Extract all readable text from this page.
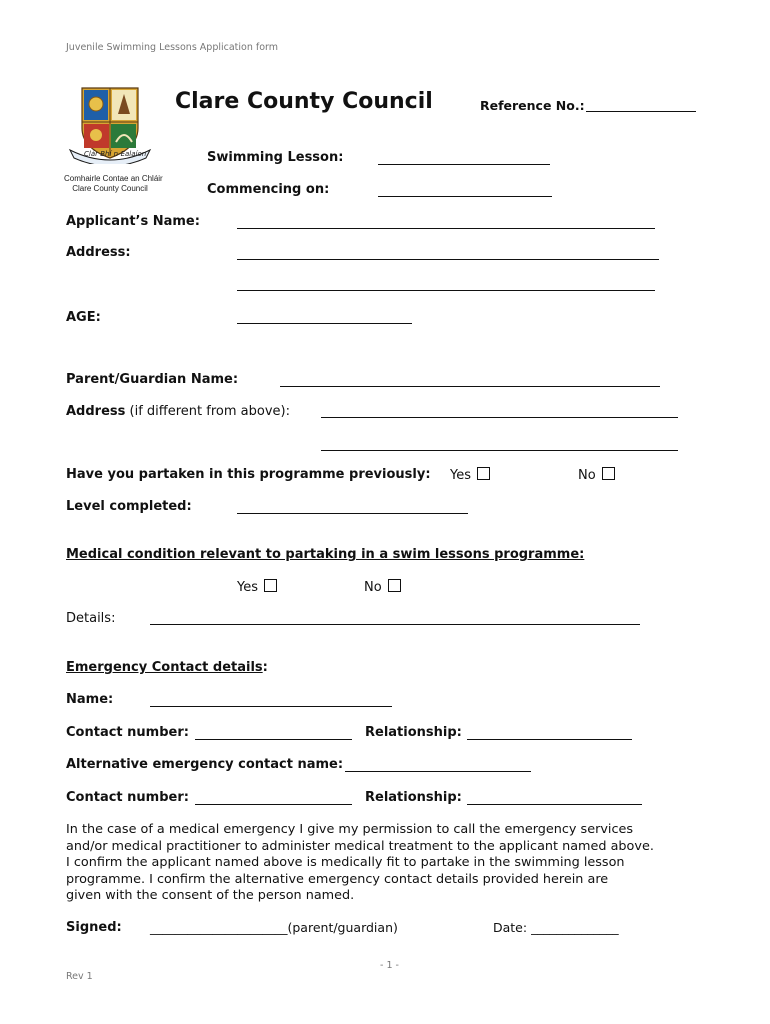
Juvenile Swimming Lessons Application form
Clár Bhí n-Ealaíon
Comhairle Contae an Chláir
Clare County Council
Clare County Council	Reference No.:
Swimming Lesson:
Commencing on:
Applicant’s Name:
Address:
AGE:
Parent/Guardian Name:
Address (if different from above):
Have you partaken in this programme previously: Yes	No
Level completed:
Medical condition relevant to partaking in a swim lessons programme:
Yes	No
Details:
Emergency Contact details:
Name:
Contact number:	Relationship:
Alternative emergency contact name:
Contact number:	Relationship:
In the case of a medical emergency I give my permission to call the emergency services
and/or medical practitioner to administer medical treatment to the applicant named above.
I confirm the applicant named above is medically fit to partake in the swimming lesson
programme. I confirm the alternative emergency contact details provided herein are
given with the consent of the person named.
Signed: ______________________(parent/guardian)	Date: ______________
- 1 -
Rev 1
